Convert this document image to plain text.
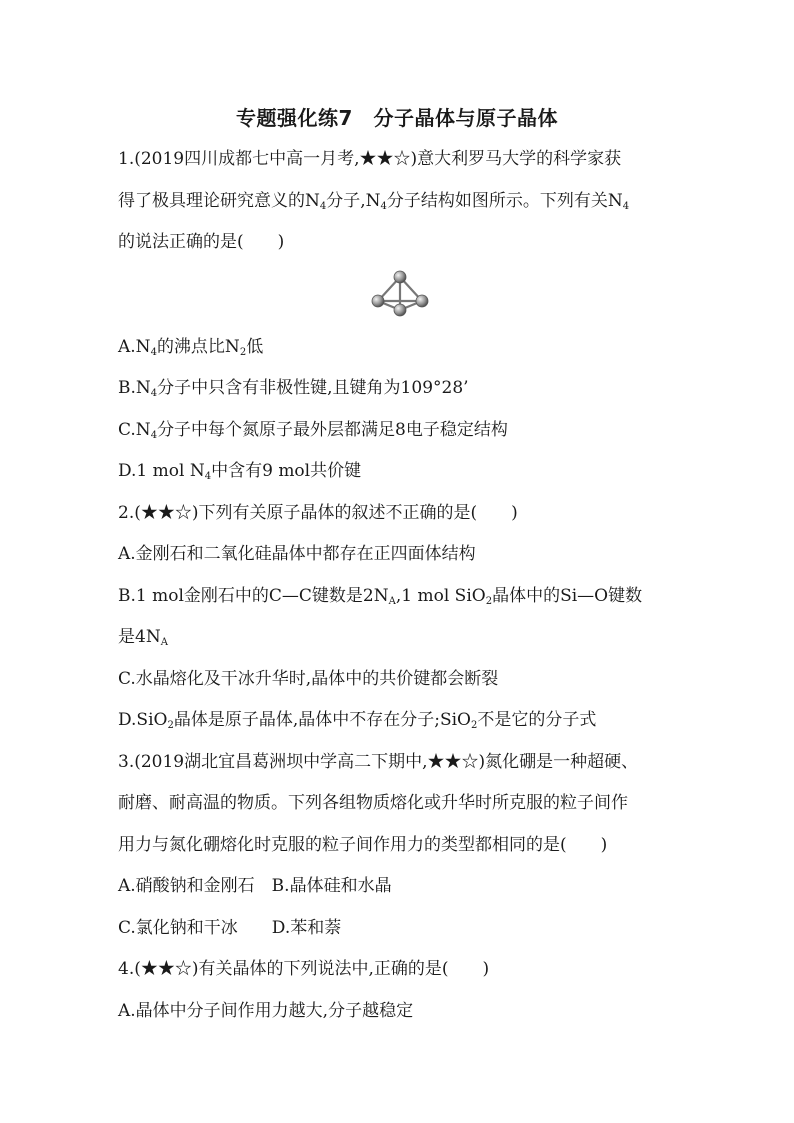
专题强化练7　分子晶体与原子晶体
1.(2019四川成都七中高一月考,★★☆)意大利罗马大学的科学家获
得了极具理论研究意义的$N_4$分子$,N_4$分子结构如图所示。下列有关$N_4$
的说法正确的是(　　)
$A.N_4$的沸点比$N_2$低
$B.N_4$分子中只含有非极性键,且键角为109°28’
$C.N_4$分子中每个氮原子最外层都满足8电子稳定结构
D.1 mol $N_4$中含有9 mol共价键
2.(★★☆)下列有关原子晶体的叙述不正确的是(　　)
A.金刚石和二氧化硅晶体中都存在正四面体结构
B.1 mol金刚石中的C—C键数是$2N_A,1$ mol SiO$_2$晶体中的Si—O键数
是$4N_A$
C.水晶熔化及干冰升华时,晶体中的共价键都会断裂
D.SiO$_2$晶体是原子晶体,晶体中不存在分子;SiO$_2$不是它的分子式
3.(2019湖北宜昌葛洲坝中学高二下期中,★★☆)氮化硼是一种超硬、
耐磨、耐高温的物质。下列各组物质熔化或升华时所克服的粒子间作
用力与氮化硼熔化时克服的粒子间作用力的类型都相同的是(　　)
A.硝酸钠和金刚石　B.晶体硅和水晶
C.氯化钠和干冰　　D.苯和萘
4.(★★☆)有关晶体的下列说法中,正确的是(　　)
A.晶体中分子间作用力越大,分子越稳定
